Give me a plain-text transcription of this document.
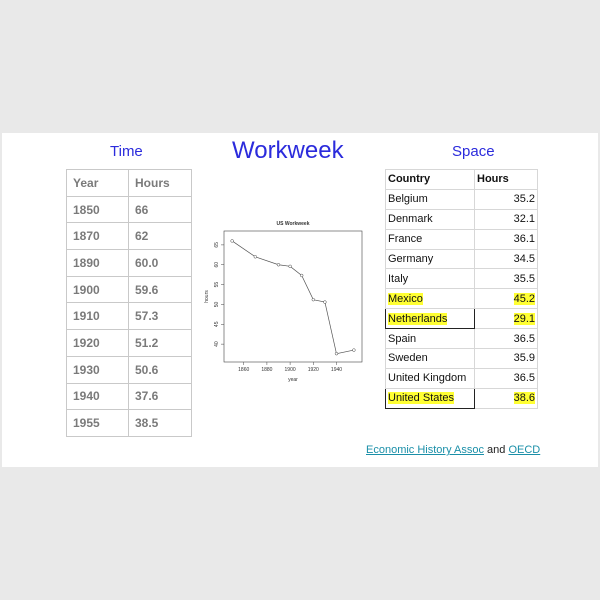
Time	Workweek	Space
Year	Hours
1850	66
1870	62
1890	60.0
1900	59.6
1910	57.3
1920	51.2
1930	50.6
1940	37.6
1955	38.5
US Workweek
year
hours
1860 1880 1900 1920 1940
40
45
50
55
60
65
Country	Hours
Belgium	35.2
Denmark	32.1
France	36.1
Germany	34.5
Italy	35.5
Mexico	45.2
Netherlands	29.1
Spain	36.5
Sweden	35.9
United Kingdom	36.5
United States	38.6
Economic History Assoc and OECD
